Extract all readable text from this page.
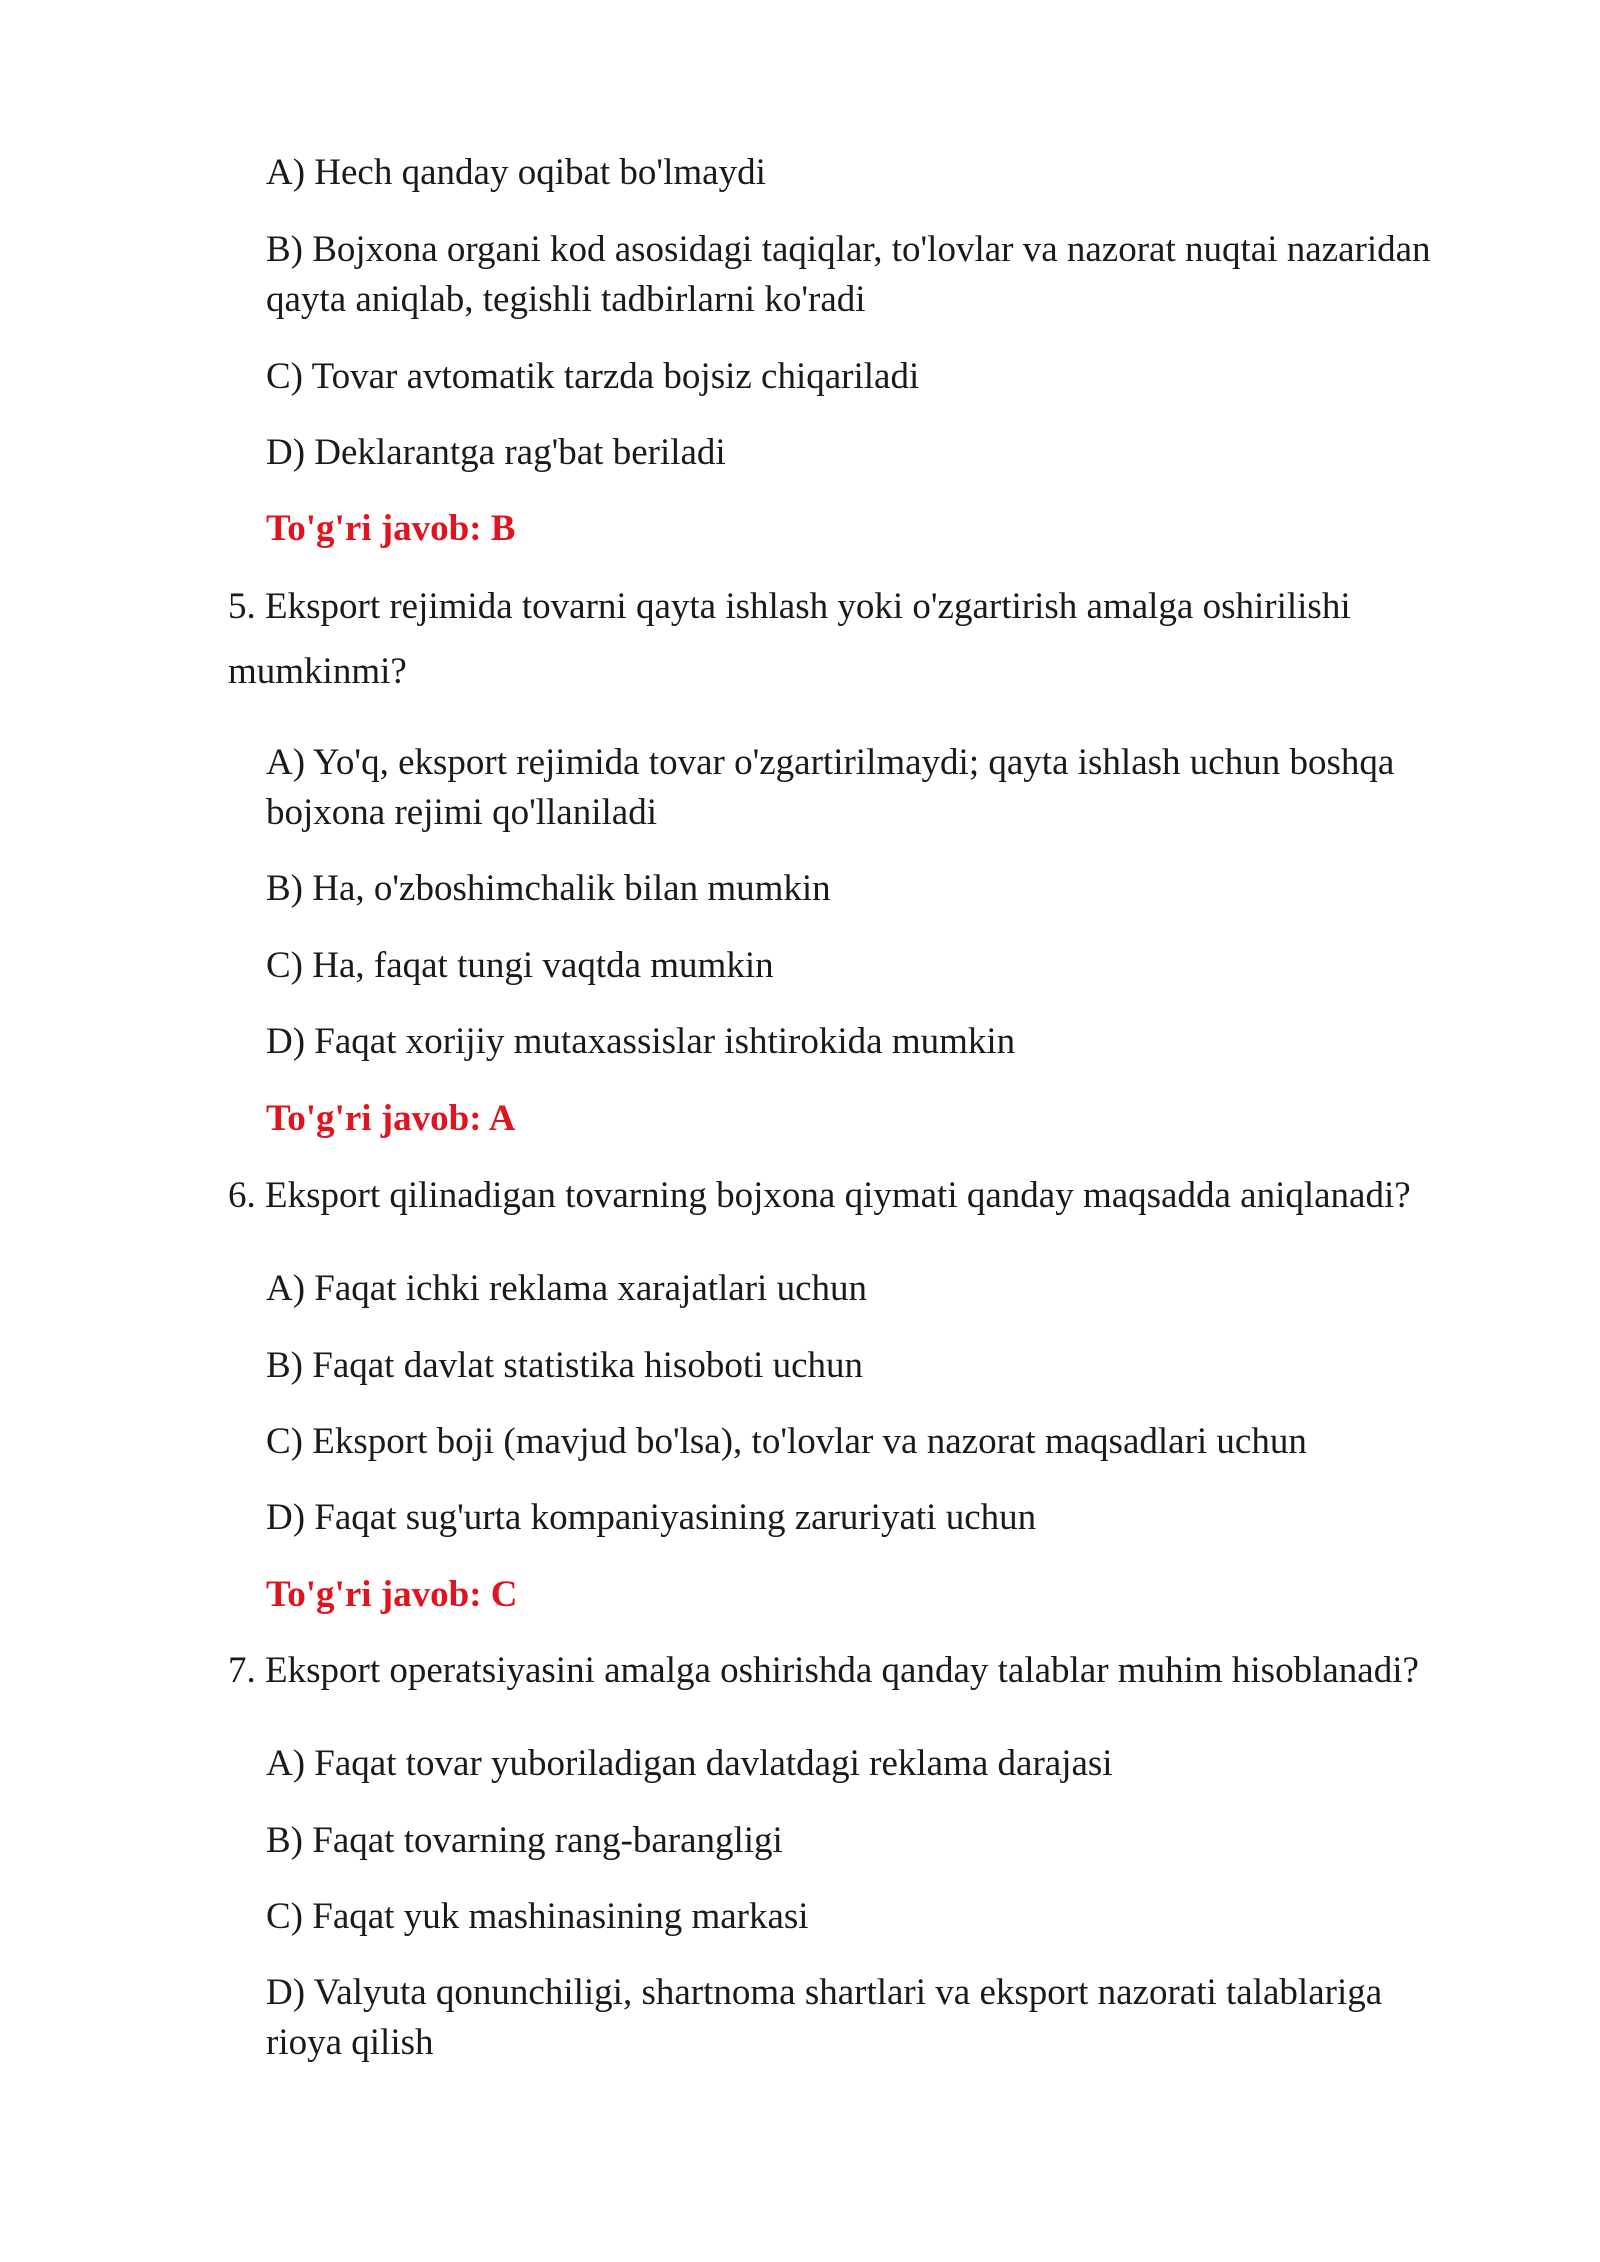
A) Hech qanday oqibat bo'lmaydi
B) Bojxona organi kod asosidagi taqiqlar, to'lovlar va nazorat nuqtai nazaridan qayta aniqlab, tegishli tadbirlarni ko'radi
C) Tovar avtomatik tarzda bojsiz chiqariladi
D) Deklarantga rag'bat beriladi
To'g'ri javob: B
5. Eksport rejimida tovarni qayta ishlash yoki o'zgartirish amalga oshirilishi mumkinmi?
A) Yo'q, eksport rejimida tovar o'zgartirilmaydi; qayta ishlash uchun boshqa bojxona rejimi qo'llaniladi
B) Ha, o'zboshimchalik bilan mumkin
C) Ha, faqat tungi vaqtda mumkin
D) Faqat xorijiy mutaxassislar ishtirokida mumkin
To'g'ri javob: A
6. Eksport qilinadigan tovarning bojxona qiymati qanday maqsadda aniqlanadi?
A) Faqat ichki reklama xarajatlari uchun
B) Faqat davlat statistika hisoboti uchun
C) Eksport boji (mavjud bo'lsa), to'lovlar va nazorat maqsadlari uchun
D) Faqat sug'urta kompaniyasining zaruriyati uchun
To'g'ri javob: C
7. Eksport operatsiyasini amalga oshirishda qanday talablar muhim hisoblanadi?
A) Faqat tovar yuboriladigan davlatdagi reklama darajasi
B) Faqat tovarning rang-barangligi
C) Faqat yuk mashinasining markasi
D) Valyuta qonunchiligi, shartnoma shartlari va eksport nazorati talablariga rioya qilish
